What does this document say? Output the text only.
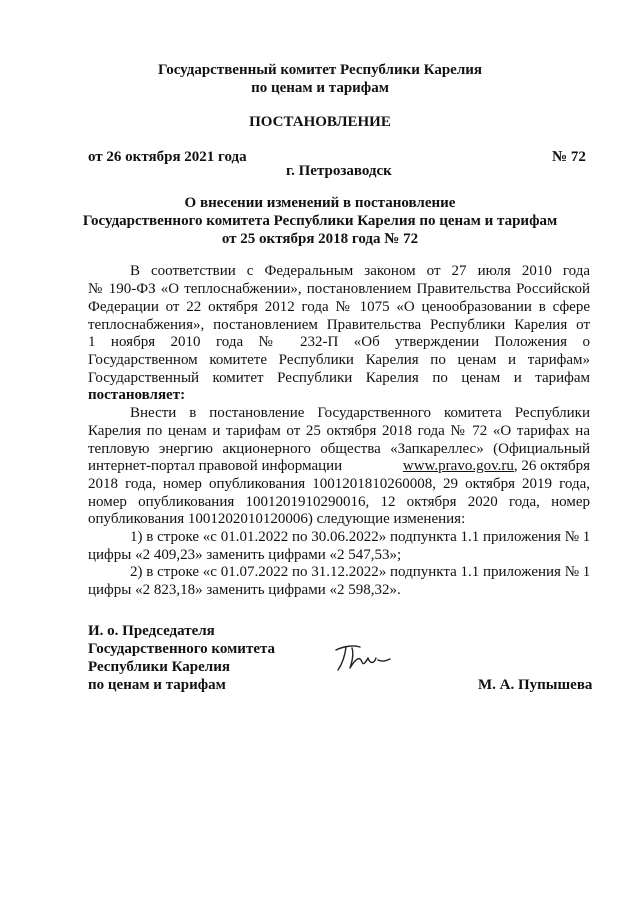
Государственный комитет Республики Карелия
по ценам и тарифам
ПОСТАНОВЛЕНИЕ
от 26 октября 2021 года	№ 72
г. Петрозаводск
О внесении изменений в постановление
Государственного комитета Республики Карелия по ценам и тарифам
от 25 октября 2018 года № 72
В соответствии с Федеральным законом от 27 июля 2010 года
№ 190-ФЗ «О теплоснабжении», постановлением Правительства Российской
Федерации от 22 октября 2012 года № 1075 «О ценообразовании в сфере
теплоснабжения», постановлением Правительства Республики Карелия от
1 ноября 2010 года № 232-П «Об утверждении Положения о
Государственном комитете Республики Карелия по ценам и тарифам»
Государственный комитет Республики Карелия по ценам и тарифам
постановляет:
Внести в постановление Государственного комитета Республики
Карелия по ценам и тарифам от 25 октября 2018 года № 72 «О тарифах на
тепловую энергию акционерного общества «Запкареллес» (Официальный
интернет-портал правовой информации	www.pravo.gov.ru, 26 октября
2018 года, номер опубликования 1001201810260008, 29 октября 2019 года,
номер опубликования 1001201910290016, 12 октября 2020 года, номер
опубликования 1001202010120006) следующие изменения:
1) в строке «с 01.01.2022 по 30.06.2022» подпункта 1.1 приложения № 1
цифры «2 409,23» заменить цифрами «2 547,53»;
2) в строке «с 01.07.2022 по 31.12.2022» подпункта 1.1 приложения № 1
цифры «2 823,18» заменить цифрами «2 598,32».
И. о. Председателя
Государственного комитета
Республики Карелия
по ценам и тарифам	М. А. Пупышева
